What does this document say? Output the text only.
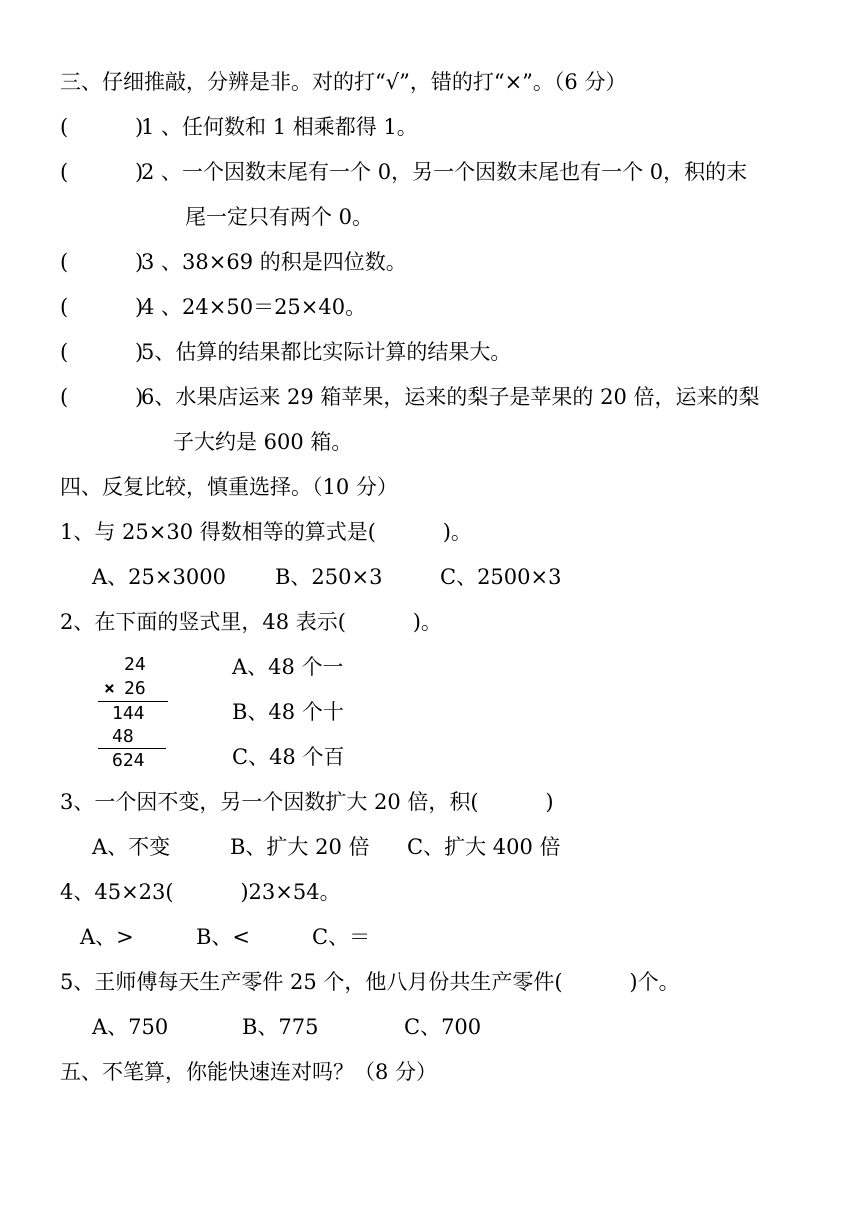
三、仔细推敲，分辨是非。对的打“√”，错的打“×”。（6 分）
(          )
1 、任何数和 1 相乘都得 1。
(          )
2 、一个因数末尾有一个 0，另一个因数末尾也有一个 0，积的末
尾一定只有两个 0。
(          )
3 、38×69 的积是四位数。
(          )
4 、24×50＝25×40。
(          )
5、估算的结果都比实际计算的结果大。
(          )
6、水果店运来 29 箱苹果，运来的梨子是苹果的 20 倍，运来的梨
子大约是 600 箱。
四、反复比较，慎重选择。（10 分）
1、与 25×30 得数相等的算式是(          )。
A、25×3000 B、250×3	C、2500×3
2、在下面的竖式里，48 表示(          )。
24
× 26
144
48
624
A、48 个一
B、48 个十
C、48 个百
3、一个因不变，另一个因数扩大 20 倍，积(          )
A、不变	B、扩大 20 倍 C、扩大 400 倍
4、45×23(          )23×54。
A、>	B、<	C、＝
5、王师傅每天生产零件 25 个，他八月份共生产零件(          )个。
A、750	B、775	C、700
五、不笔算，你能快速连对吗？（8 分）
